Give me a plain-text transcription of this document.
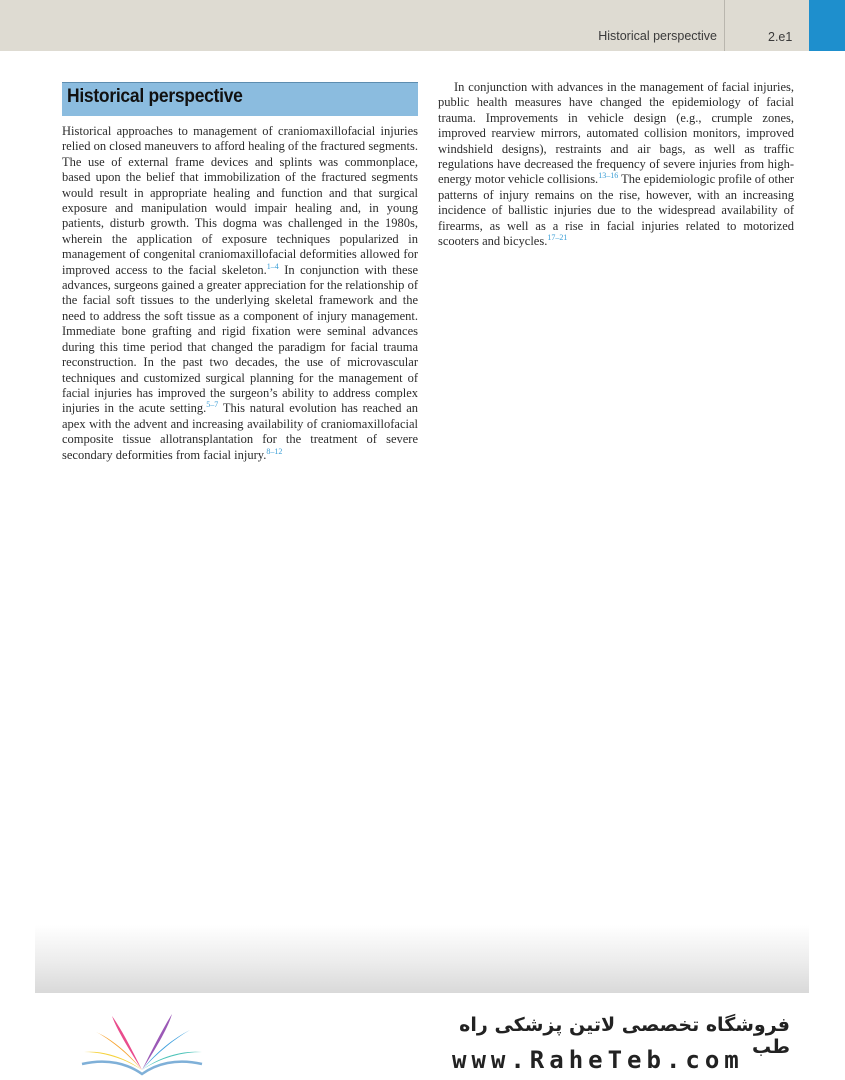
Historical perspective	2.e1
Historical perspective

Historical approaches to management of craniomaxillofacial injuries relied on closed maneuvers to afford healing of the fractured segments. The use of external frame devices and splints was commonplace, based upon the belief that immobilization of the fractured segments would result in appropriate healing and function and that surgical exposure and manipulation would impair healing and, in young patients, disturb growth. This dogma was challenged in the 1980s, wherein the application of exposure techniques popularized in management of congenital craniomaxillofacial deformities allowed for improved access to the facial skeleton.$^{1-4}$ In conjunction with these advances, surgeons gained a greater appreciation for the relationship of the facial soft tissues to the underlying skeletal framework and the need to address the soft tissue as a component of injury management. Immediate bone grafting and rigid fixation were seminal advances during this time period that changed the paradigm for facial trauma reconstruction. In the past two decades, the use of microvascular techniques and customized surgical planning for the management of facial injuries has improved the surgeon’s ability to address complex injuries in the acute setting.$^{5-7}$ This natural evolution has reached an apex with the advent and increasing availability of craniomaxillofacial composite tissue allotransplantation for the treatment of severe secondary deformities from facial injury.$^{8-12}$

In conjunction with advances in the management of facial injuries, public health measures have changed the epidemiology of facial trauma. Improvements in vehicle design (e.g., crumple zones, improved rearview mirrors, automated collision monitors, improved windshield designs), restraints and air bags, as well as traffic regulations have decreased the frequency of severe injuries from high-energy motor vehicle collisions.$^{13-16}$ The epidemiologic profile of other patterns of injury remains on the rise, however, with an increasing incidence of ballistic injuries due to the widespread availability of firearms, as well as a rise in facial injuries related to motorized scooters and bicycles.$^{17-21}$

فروشگاه تخصصی لاتین پزشکی راه طب
www.RaheTeb.com
